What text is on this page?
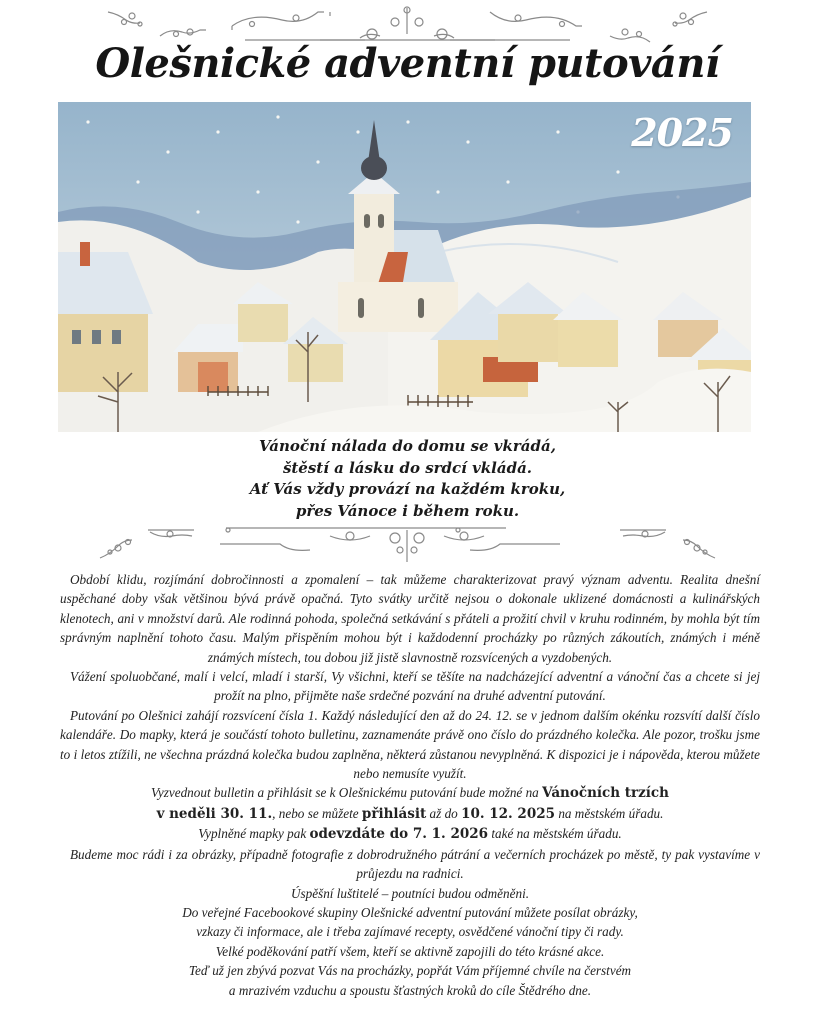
Olešnické adventní putování
2025
Vánoční nálada do domu se vkrádá,
štěstí a lásku do srdcí vkládá.
Ať Vás vždy provází na každém kroku,
přes Vánoce i během roku.

Období klidu, rozjímání dobročinnosti a zpomalení – tak můžeme charakterizovat pravý význam adventu. Realita dnešní uspěchané doby však většinou bývá právě opačná. Tyto svátky určitě nejsou o dokonale uklizené domácnosti a kulinářských klenotech, ani v množství darů. Ale rodinná pohoda, společná setkávání s přáteli a prožití chvil v kruhu rodinném, by mohla být tím správným naplnění tohoto času. Malým přispěním mohou být i každodenní procházky po různých zákoutích, známých i méně známých místech, tou dobou již jistě slavnostně rozsvícených a vyzdobených.

Vážení spoluobčané, malí i velcí, mladí i starší, Vy všichni, kteří se těšíte na nadcházející adventní a vánoční čas a chcete si jej prožít na plno, přijměte naše srdečné pozvání na druhé adventní putování.

Putování po Olešnici zahájí rozsvícení čísla 1. Každý následující den až do 24. 12. se v jednom dalším okénku rozsvítí další číslo kalendáře. Do mapky, která je součástí tohoto bulletinu, zaznamenáte právě ono číslo do prázdného kolečka. Ale pozor, trošku jsme to i letos ztížili, ne všechna prázdná kolečka budou zaplněna, některá zůstanou nevyplněná. K dispozici je i nápověda, kterou můžete nebo nemusíte využít.

Vyzvednout bulletin a přihlásit se k Olešnickému putování bude možné na Vánočních trzích
v neděli 30. 11., nebo se můžete přihlásit až do 10. 12. 2025 na městském úřadu.

Vyplněné mapky pak odevzdáte do 7. 1. 2026 také na městském úřadu.

Budeme moc rádi i za obrázky, případně fotografie z dobrodružného pátrání a večerních procházek po městě, ty pak vystavíme v průjezdu na radnici.

Úspěšní luštitelé – poutníci budou odměněni.

Do veřejné Facebookové skupiny Olešnické adventní putování můžete posílat obrázky,
vzkazy či informace, ale i třeba zajímavé recepty, osvědčené vánoční tipy či rady.

Velké poděkování patří všem, kteří se aktivně zapojili do této krásné akce.

Teď už jen zbývá pozvat Vás na procházky, popřát Vám příjemné chvíle na čerstvém
a mrazivém vzduchu a spoustu šťastných kroků do cíle Štědrého dne.
